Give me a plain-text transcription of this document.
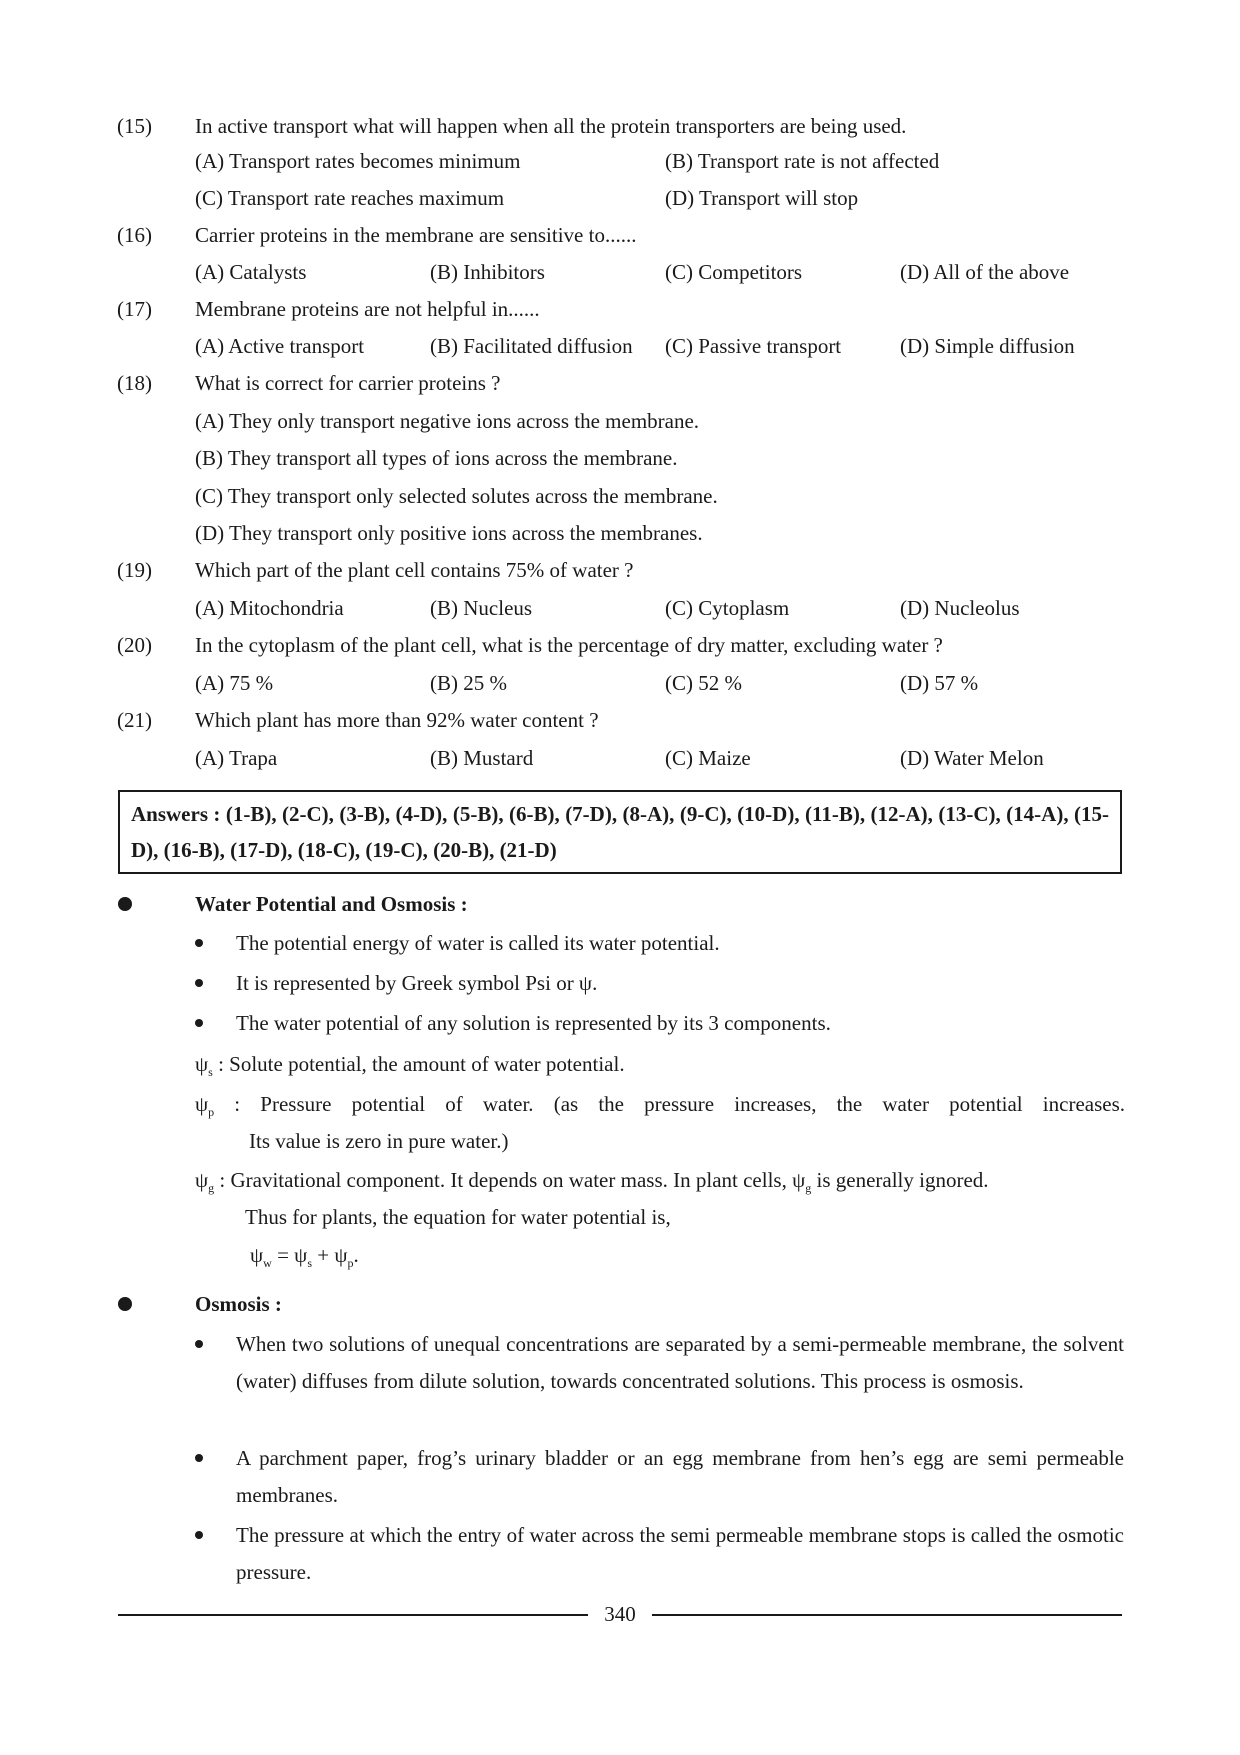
(15) In active transport what will happen when all the protein transporters are being used.
(A) Transport rates becomes minimum	(B) Transport rate is not affected
(C) Transport rate reaches maximum	(D) Transport will stop
(16) Carrier proteins in the membrane are sensitive to......
(A) Catalysts	(B) Inhibitors	(C) Competitors	(D) All of the above
(17) Membrane proteins are not helpful in......
(A) Active transport	(B) Facilitated diffusion (C) Passive transport	(D) Simple diffusion
(18) What is correct for carrier proteins ?
(A) They only transport negative ions across the membrane.
(B) They transport all types of ions across the membrane.
(C) They transport only selected solutes across the membrane.
(D) They transport only positive ions across the membranes.
(19) Which part of the plant cell contains 75% of water ?
(A) Mitochondria	(B) Nucleus	(C) Cytoplasm	(D) Nucleolus
(20) In the cytoplasm of the plant cell, what is the percentage of dry matter, excluding water ?
(A) 75 %	(B) 25 %	(C) 52 %	(D) 57 %
(21) Which plant has more than 92% water content ?
(A) Trapa	(B) Mustard	(C) Maize	(D) Water Melon
Answers : (1-B), (2-C), (3-B), (4-D), (5-B), (6-B), (7-D), (8-A), (9-C), (10-D), (11-B), (12-A), (13-C), (14-A), (15-D), (16-B), (17-D), (18-C), (19-C), (20-B), (21-D)
Water Potential and Osmosis :
The potential energy of water is called its water potential.
It is represented by Greek symbol Psi or ψ.
The water potential of any solution is represented by its 3 components.
$\psi_s$ : Solute potential, the amount of water potential.
$\psi_p$ : Pressure potential of water. (as the pressure increases, the water potential increases.
Its value is zero in pure water.)
$\psi_g$ : Gravitational component. It depends on water mass. In plant cells, $\psi_g$ is generally ignored.
Thus for plants, the equation for water potential is,
$\psi_w = \psi_s + \psi_p$.
Osmosis :
When two solutions of unequal concentrations are separated by a semi-permeable membrane, the solvent (water) diffuses from dilute solution, towards concentrated solutions. This process is osmosis.
A parchment paper, frog’s urinary bladder or an egg membrane from hen’s egg are semi permeable membranes.
The pressure at which the entry of water across the semi permeable membrane stops is called the osmotic pressure.
340
